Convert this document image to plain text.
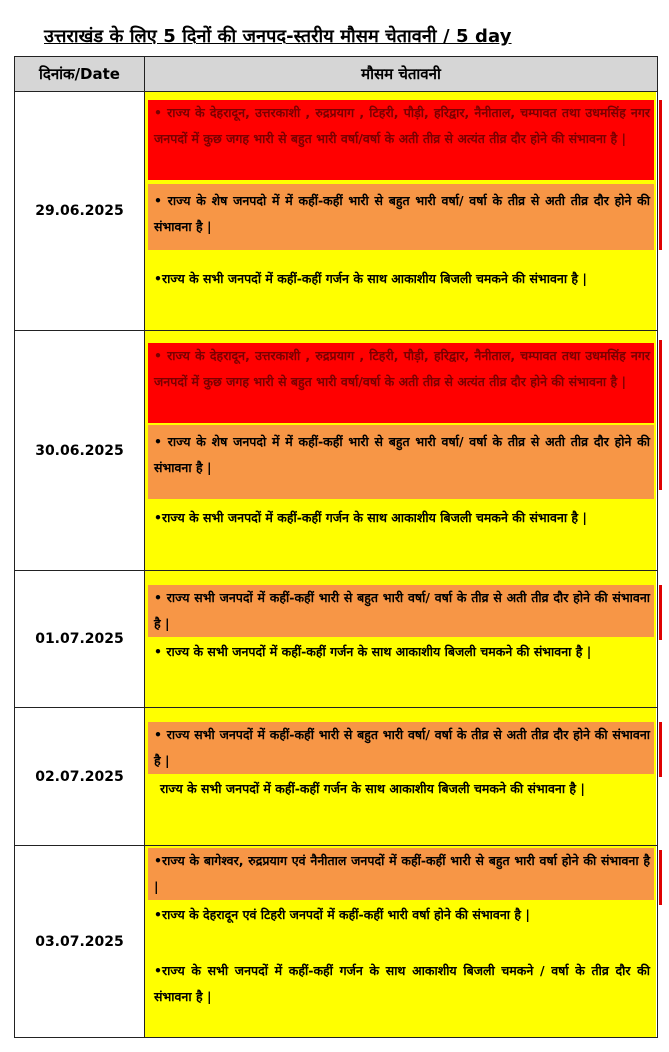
उत्तराखंड के लिए 5 दिनों की जनपद-स्तरीय मौसम चेतावनी / 5 day
दिनांक/Date	मौसम चेतावनी
29.06.2025
• राज्य के देहरादून, उत्तरकाशी , रुद्रप्रयाग , टिहरी, पौड़ी, हरिद्वार, नैनीताल, चम्पावत तथा उधमसिंह नगर जनपदों में कुछ जगह भारी से बहुत भारी वर्षा/वर्षा के अती तीव्र से अत्यंत तीव्र दौर होने की संभावना है |
• राज्य के शेष जनपदो में में कहीं-कहीं भारी से बहुत भारी वर्षा/ वर्षा के तीव्र से अती तीव्र दौर होने की संभावना है |
•राज्य के सभी जनपदों में कहीं-कहीं गर्जन के साथ आकाशीय बिजली चमकने की संभावना है |
30.06.2025
• राज्य के देहरादून, उत्तरकाशी , रुद्रप्रयाग , टिहरी, पौड़ी, हरिद्वार, नैनीताल, चम्पावत तथा उधमसिंह नगर जनपदों में कुछ जगह भारी से बहुत भारी वर्षा/वर्षा के अती तीव्र से अत्यंत तीव्र दौर होने की संभावना है |
• राज्य के शेष जनपदो में में कहीं-कहीं भारी से बहुत भारी वर्षा/ वर्षा के तीव्र से अती तीव्र दौर होने की संभावना है |
•राज्य के सभी जनपदों में कहीं-कहीं गर्जन के साथ आकाशीय बिजली चमकने की संभावना है |
01.07.2025
• राज्य सभी जनपदों में कहीं-कहीं भारी से बहुत भारी वर्षा/ वर्षा के तीव्र से अती तीव्र दौर होने की संभावना है |
• राज्य के सभी जनपदों में कहीं-कहीं गर्जन के साथ आकाशीय बिजली चमकने की संभावना है |
02.07.2025
• राज्य सभी जनपदों में कहीं-कहीं भारी से बहुत भारी वर्षा/ वर्षा के तीव्र से अती तीव्र दौर होने की संभावना है |
राज्य के सभी जनपदों में कहीं-कहीं गर्जन के साथ आकाशीय बिजली चमकने की संभावना है |
03.07.2025
•राज्य के बागेश्वर, रुद्रप्रयाग एवं नैनीताल जनपदों में कहीं-कहीं भारी से बहुत भारी वर्षा होने की संभावना है |
•राज्य के देहरादून एवं टिहरी जनपदों में कहीं-कहीं भारी वर्षा होने की संभावना है |
•राज्य के सभी जनपदों में कहीं-कहीं गर्जन के साथ आकाशीय बिजली चमकने / वर्षा के तीव्र दौर की संभावना है |
